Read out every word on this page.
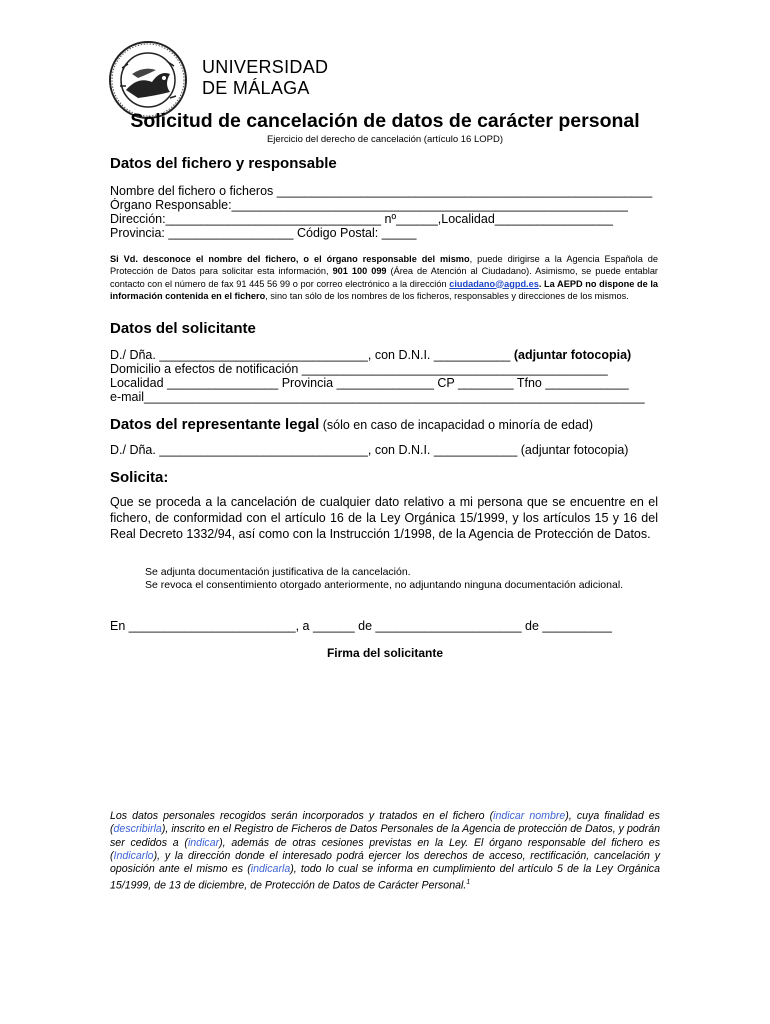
UNIVERSIDAD
DE MÁLAGA
Solicitud de cancelación de datos de carácter personal
Ejercicio del derecho de cancelación (artículo 16 LOPD)
Datos del fichero y responsable
Nombre del fichero o ficheros ______________________________________________________
Órgano Responsable:_________________________________________________________
Dirección:_______________________________ nº______,Localidad_________________
Provincia: __________________ Código Postal: _____
Si Vd. desconoce el nombre del fichero, o el órgano responsable del mismo, puede dirigirse a la Agencia Española de Protección de Datos para solicitar esta información, 901 100 099 (Área de Atención al Ciudadano). Asimismo, se puede entablar contacto con el número de fax 91 445 56 99 o por correo electrónico a la dirección ciudadano@agpd.es. La AEPD no dispone de la información contenida en el fichero, sino tan sólo de los nombres de los ficheros, responsables y direcciones de los mismos.
Datos del solicitante
D./ Dña. ______________________________, con D.N.I. ___________ (adjuntar fotocopia)
Domicilio a efectos de notificación ____________________________________________
Localidad ________________ Provincia ______________ CP ________ Tfno ____________
e-mail________________________________________________________________________
Datos del representante legal (sólo en caso de incapacidad o minoría de edad)
D./ Dña. ______________________________, con D.N.I. ____________ (adjuntar fotocopia)
Solicita:
Que se proceda a la cancelación de cualquier dato relativo a mi persona que se encuentre en el fichero, de conformidad con el artículo 16 de la Ley Orgánica 15/1999, y los artículos 15 y 16 del Real Decreto 1332/94, así como con la Instrucción 1/1998, de la Agencia de Protección de Datos.
Se adjunta documentación justificativa de la cancelación.
Se revoca el consentimiento otorgado anteriormente, no adjuntando ninguna documentación adicional.
En ________________________, a ______ de _____________________ de __________
Firma del solicitante
Los datos personales recogidos serán incorporados y tratados en el fichero (indicar nombre), cuya finalidad es (describirla), inscrito en el Registro de Ficheros de Datos Personales de la Agencia de protección de Datos, y podrán ser cedidos a (indicar), además de otras cesiones previstas en la Ley. El órgano responsable del fichero es (Indicarlo), y la dirección donde el interesado podrá ejercer los derechos de acceso, rectificación, cancelación y oposición ante el mismo es (indicarla), todo lo cual se informa en cumplimiento del artículo 5 de la Ley Orgánica 15/1999, de 13 de diciembre, de Protección de Datos de Carácter Personal.$^1$
